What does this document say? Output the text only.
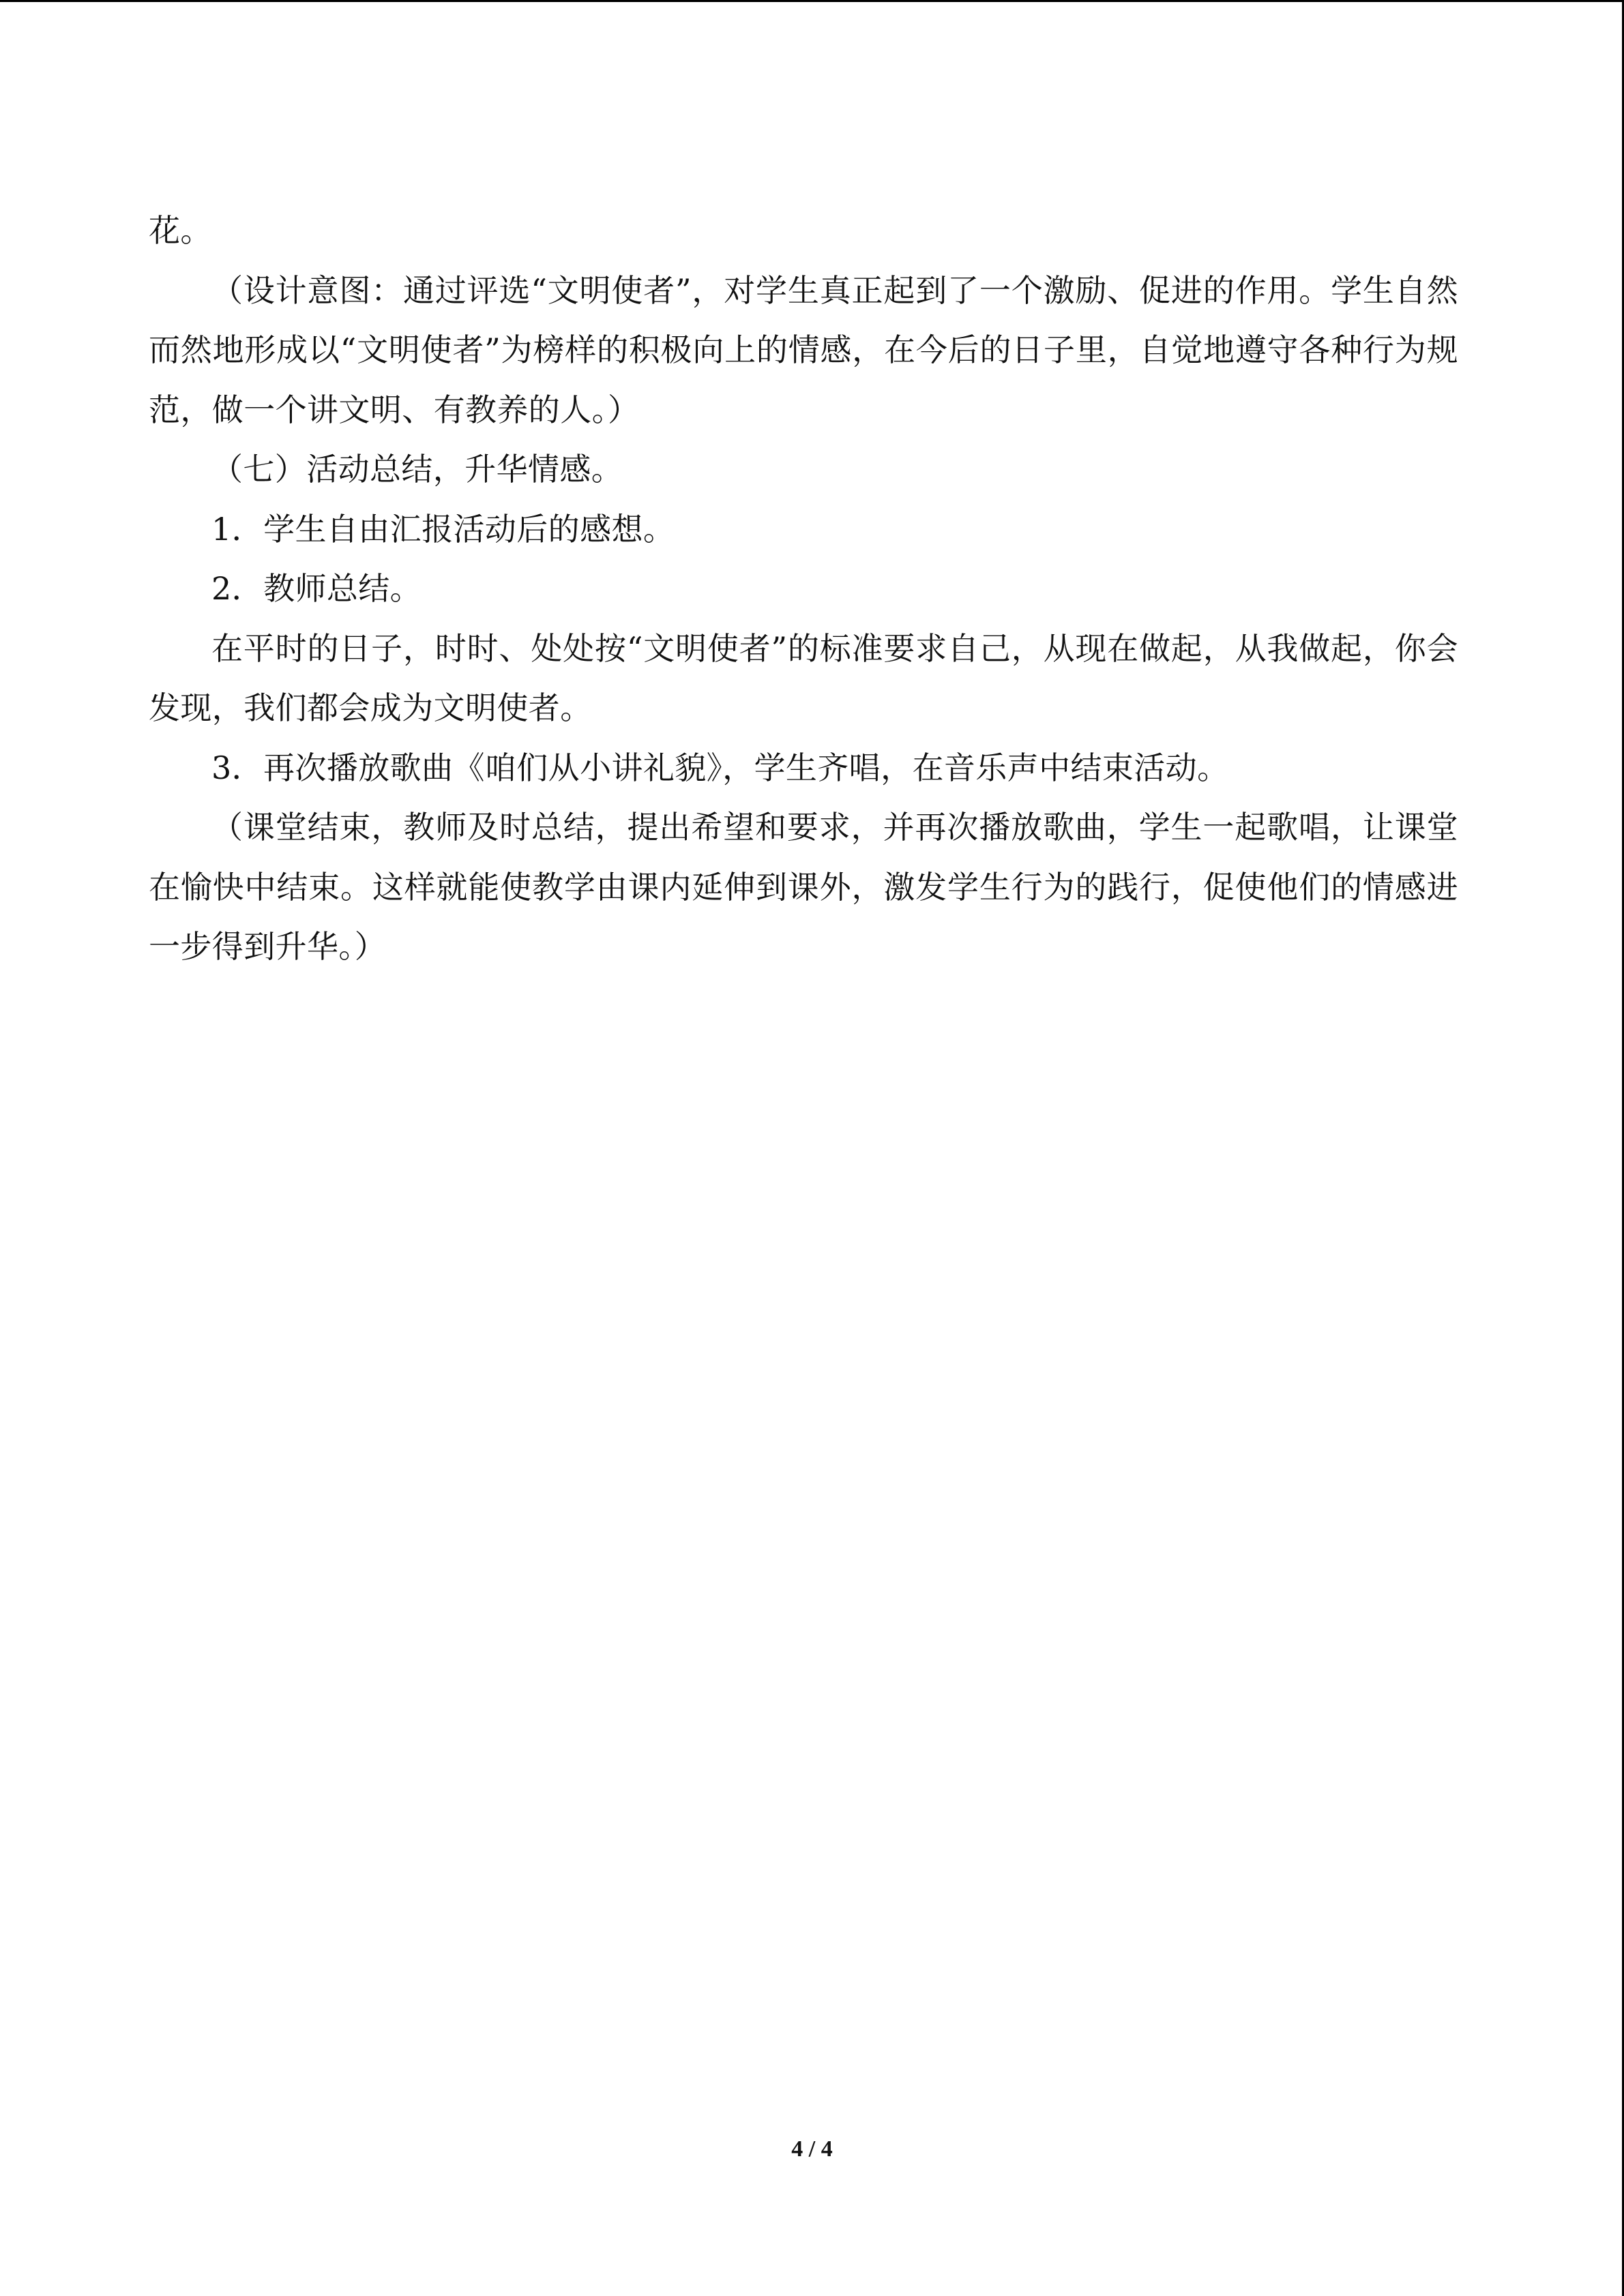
花。

（设计意图：通过评选“文明使者”，对学生真正起到了一个激励、促进的作用。学生自然而然地形成以“文明使者”为榜样的积极向上的情感，在今后的日子里，自觉地遵守各种行为规范，做一个讲文明、有教养的人。）

（七）活动总结，升华情感。

1．学生自由汇报活动后的感想。

2．教师总结。

在平时的日子，时时、处处按“文明使者”的标准要求自己，从现在做起，从我做起，你会发现，我们都会成为文明使者。

3．再次播放歌曲《咱们从小讲礼貌》，学生齐唱，在音乐声中结束活动。

（课堂结束，教师及时总结，提出希望和要求，并再次播放歌曲，学生一起歌唱，让课堂在愉快中结束。这样就能使教学由课内延伸到课外，激发学生行为的践行，促使他们的情感进一步得到升华。）

4 / 4
